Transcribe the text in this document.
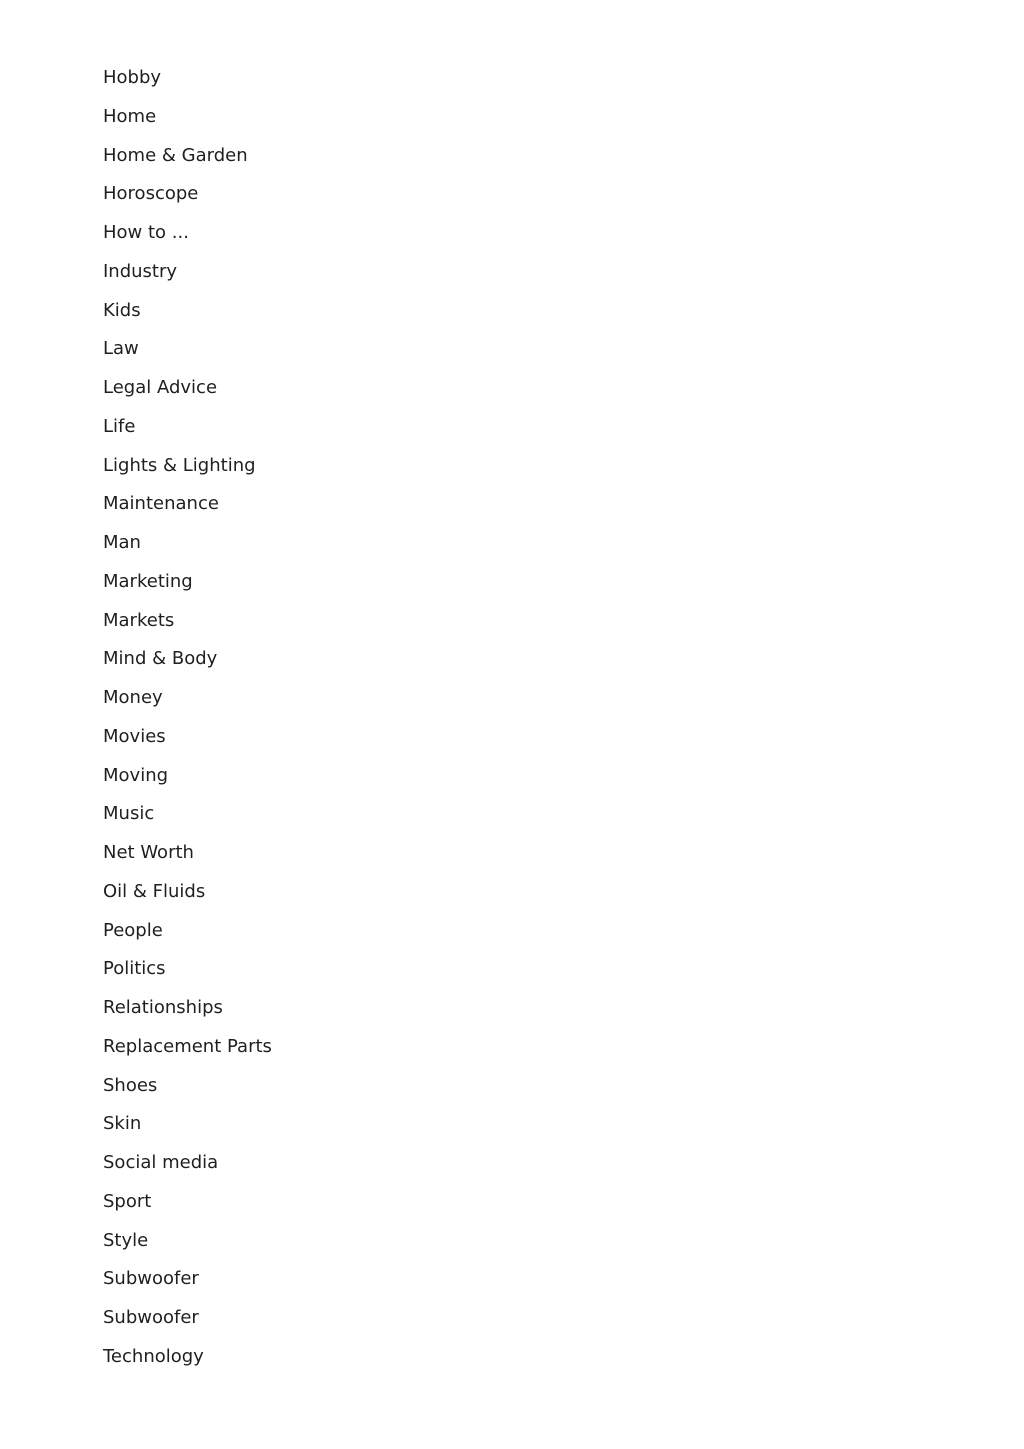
Hobby
Home
Home & Garden
Horoscope
How to ...
Industry
Kids
Law
Legal Advice
Life
Lights & Lighting
Maintenance
Man
Marketing
Markets
Mind & Body
Money
Movies
Moving
Music
Net Worth
Oil & Fluids
People
Politics
Relationships
Replacement Parts
Shoes
Skin
Social media
Sport
Style
Subwoofer
Subwoofer
Technology
